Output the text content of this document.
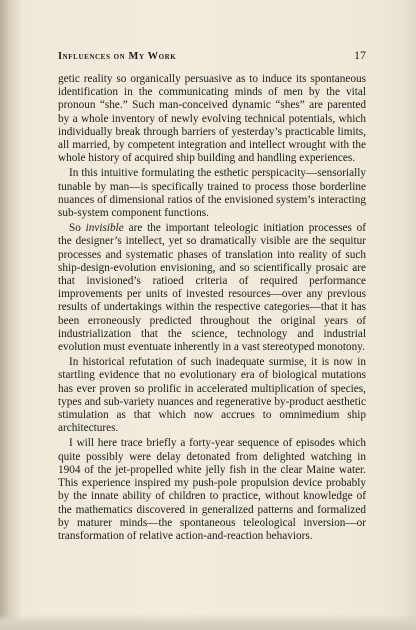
Influences on My Work	17

getic reality so organically persuasive as to induce its spontaneous identification in the communicating minds of men by the vital pronoun “she.” Such man-conceived dynamic “shes” are parented by a whole inventory of newly evolving technical potentials, which individually break through barriers of yesterday’s practicable limits, all married, by competent integration and intellect wrought with the whole history of acquired ship building and handling experiences.

In this intuitive formulating the esthetic perspicacity—sensorially tunable by man—is specifically trained to process those borderline nuances of dimensional ratios of the envisioned system’s interacting sub-system component functions.

So invisible are the important teleologic initiation processes of the designer’s intellect, yet so dramatically visible are the sequitur processes and systematic phases of translation into reality of such ship-design-evolution envisioning, and so scientifically prosaic are that invisioned’s ratioed criteria of required performance improvements per units of invested resources—over any previous results of undertakings within the respective categories—that it has been erroneously predicted throughout the original years of industrialization that the science, technology and industrial evolution must eventuate inherently in a vast stereotyped monotony.

In historical refutation of such inadequate surmise, it is now in startling evidence that no evolutionary era of biological mutations has ever proven so prolific in accelerated multiplication of species, types and sub-variety nuances and regenerative by-product aesthetic stimulation as that which now accrues to omnimedium ship architectures.

I will here trace briefly a forty-year sequence of episodes which quite possibly were delay detonated from delighted watching in 1904 of the jet-propelled white jelly fish in the clear Maine water. This experience inspired my push-pole propulsion device probably by the innate ability of children to practice, without knowledge of the mathematics discovered in generalized patterns and formalized by maturer minds—the spontaneous teleological inversion—or transformation of relative action-and-reaction behaviors.
